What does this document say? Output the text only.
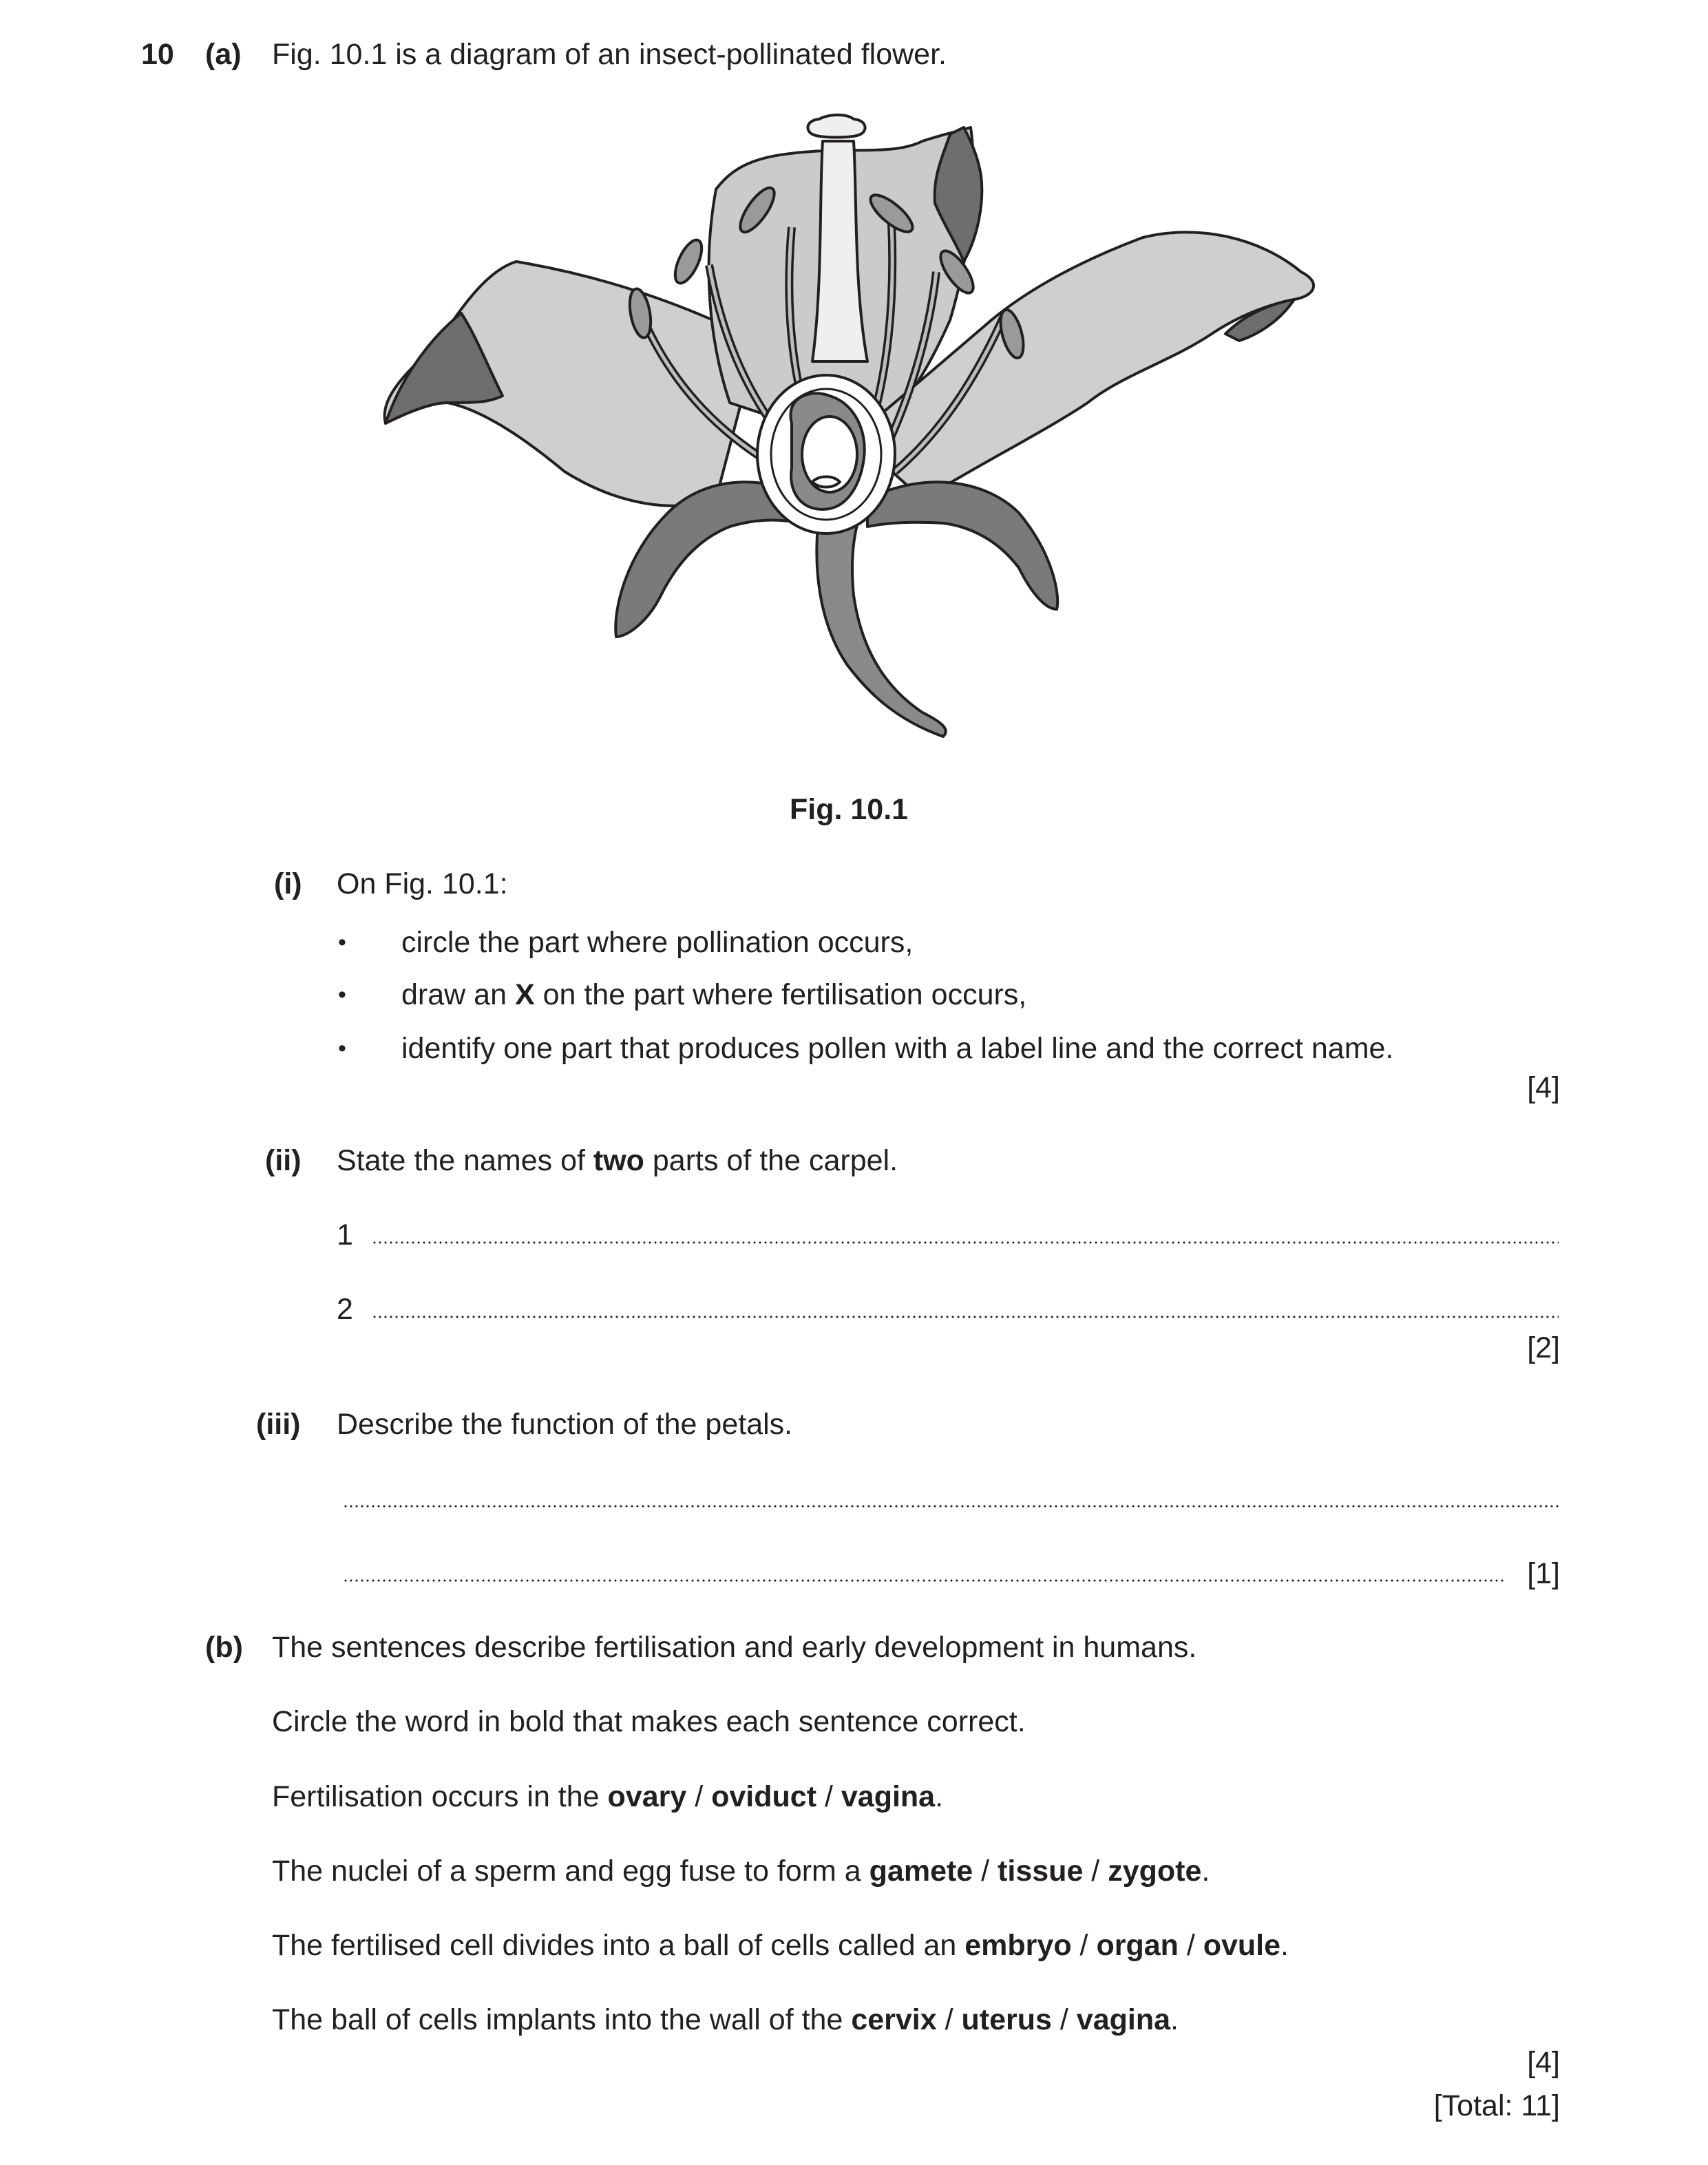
10 (a) Fig. 10.1 is a diagram of an insect-pollinated flower.
Fig. 10.1
(i) On Fig. 10.1:
• circle the part where pollination occurs,
• draw an X on the part where fertilisation occurs,
• identify one part that produces pollen with a label line and the correct name.
[4]
(ii) State the names of two parts of the carpel.
1
2
[2]
(iii) Describe the function of the petals.
[1]
(b) The sentences describe fertilisation and early development in humans.
Circle the word in bold that makes each sentence correct.
Fertilisation occurs in the ovary / oviduct / vagina.
The nuclei of a sperm and egg fuse to form a gamete / tissue / zygote.
The fertilised cell divides into a ball of cells called an embryo / organ / ovule.
The ball of cells implants into the wall of the cervix / uterus / vagina.
[4]
[Total: 11]
